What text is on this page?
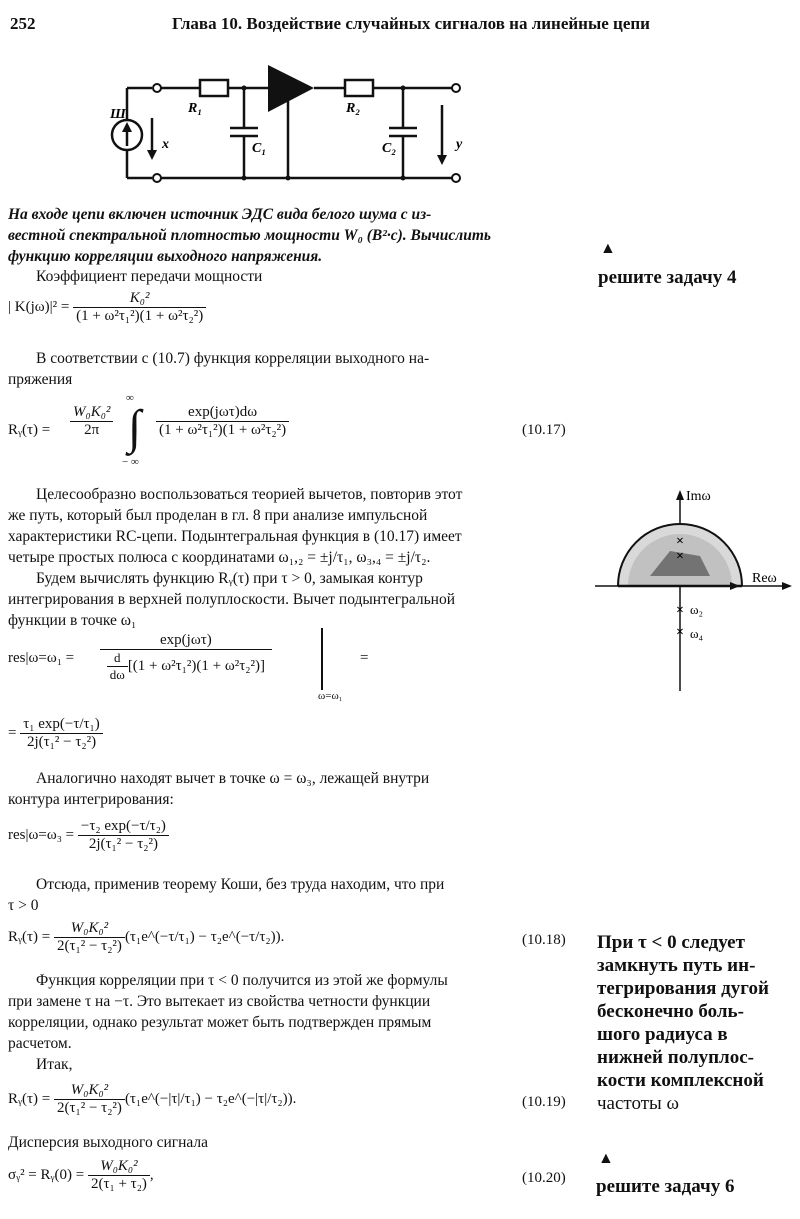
252	Глава 10. Воздействие случайных сигналов на линейные цепи
Ш
x	y
R₁	R₂
C₁	C₂
На входе цепи включен источник ЭДС вида белого шума с из-
вестной спектральной плотностью мощности W₀ (В²·с). Вычислить
функцию корреляции выходного напряжения.
Коэффициент передачи мощности
| $K(j\omega)|^2 = \frac{\text{K₀²}}{\text{(1 + ω²τ₁²)(1 + ω²τ₂²)}}$
В соответствии с (10.7) функция корреляции выходного на-
пряжения
Rᵧ(τ) = $\frac{\text{W₀K₀²}}{2\pi}$
∞
∫
− ∞
exp(jωτ)dω
(1 + ω²τ₁²)(1 + ω²τ₂²)	(10.17)
Целесообразно воспользоваться теорией вычетов, повторив этот
же путь, который был проделан в гл. 8 при анализе импульсной
характеристики RC-цепи. Подынтегральная функция в (10.17) имеет
четыре простых полюса с координатами ω₁,₂ = ±j/τ₁, ω₃,₄ = ±j/τ₂.
Будем вычислять функцию Rᵧ(τ) при τ > 0, замыкая контур
интегрирования в верхней полуплоскости. Вычет подынтегральной
функции в точке ω₁
res|ω=ω₁ =
exp(jωτ)
$\frac{d}{d\omega} [(1 + \omega^2\tau_1^2)(1 + \omega^2\tau_2^2)]$
ω=ω₁
=
= $\frac{\text{τ₁ exp(−τ/τ₁)}}{\text{2j(τ₁² − τ₂²)}}$
Аналогично находят вычет в точке ω = ω₃, лежащей внутри
контура интегрирования:
$res|\omega=\omega_3 = \frac{\text{−τ₂ exp(−τ/τ₂)}}{\text{2j(τ₁² − τ₂²)}}$
Отсюда, применив теорему Коши, без труда находим, что при
τ > 0
Rᵧ(τ) = $\frac{\text{W₀K₀²}}{\text{2(τ₁² − τ₂²)}}$ (τ₁e^(−τ/τ₁) − τ₂e^(−τ/τ₂)).	(10.18)
Функция корреляции при τ < 0 получится из этой же формулы
при замене τ на −τ. Это вытекает из свойства четности функции
корреляции, однако результат может быть подтвержден прямым
расчетом.
Итак,
Rᵧ(τ) = $\frac{\text{W₀K₀²}}{\text{2(τ₁² − τ₂²)}}$ (τ₁e^(−|τ|/τ₁) − τ₂e^(−|τ|/τ₂)).	(10.19)
Дисперсия выходного сигнала
σᵧ² = Rᵧ(0) = $\frac{\text{W₀K₀²}}{\text{2(τ₁ + τ₂)}}$ ,	(10.20)
▲
решите задачу 4
×
×
×
×
Imω
Reω
ω₂
ω₄
При τ < 0 следует
замкнуть путь ин-
тегрирования дугой
бесконечно боль-
шого радиуса в
нижней полуплос-
кости комплексной
частоты ω
▲
решите задачу 6
